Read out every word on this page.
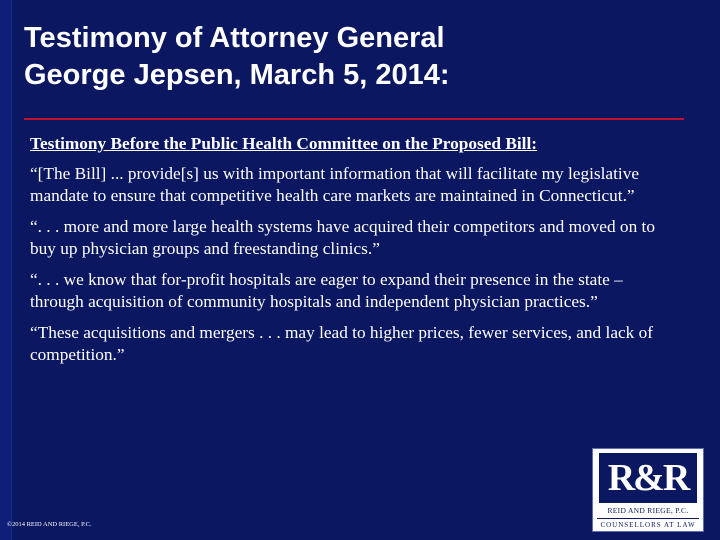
Testimony of Attorney General
George Jepsen, March 5, 2014:

Testimony Before the Public Health Committee on the Proposed Bill:

“[The Bill] ... provide[s] us with important information that will facilitate my legislative mandate to ensure that competitive health care markets are maintained in Connecticut.”

“. . . more and more large health systems have acquired their competitors and moved on to buy up physician groups and freestanding clinics.”

“. . . we know that for-profit hospitals are eager to expand their presence in the state – through acquisition of community hospitals and independent physician practices.”

“These acquisitions and mergers . . . may lead to higher prices, fewer services, and lack of competition.”

R&R
REID AND RIEGE, P.C.
COUNSELLORS AT LAW
©2014 REID AND RIEGE, P.C.
